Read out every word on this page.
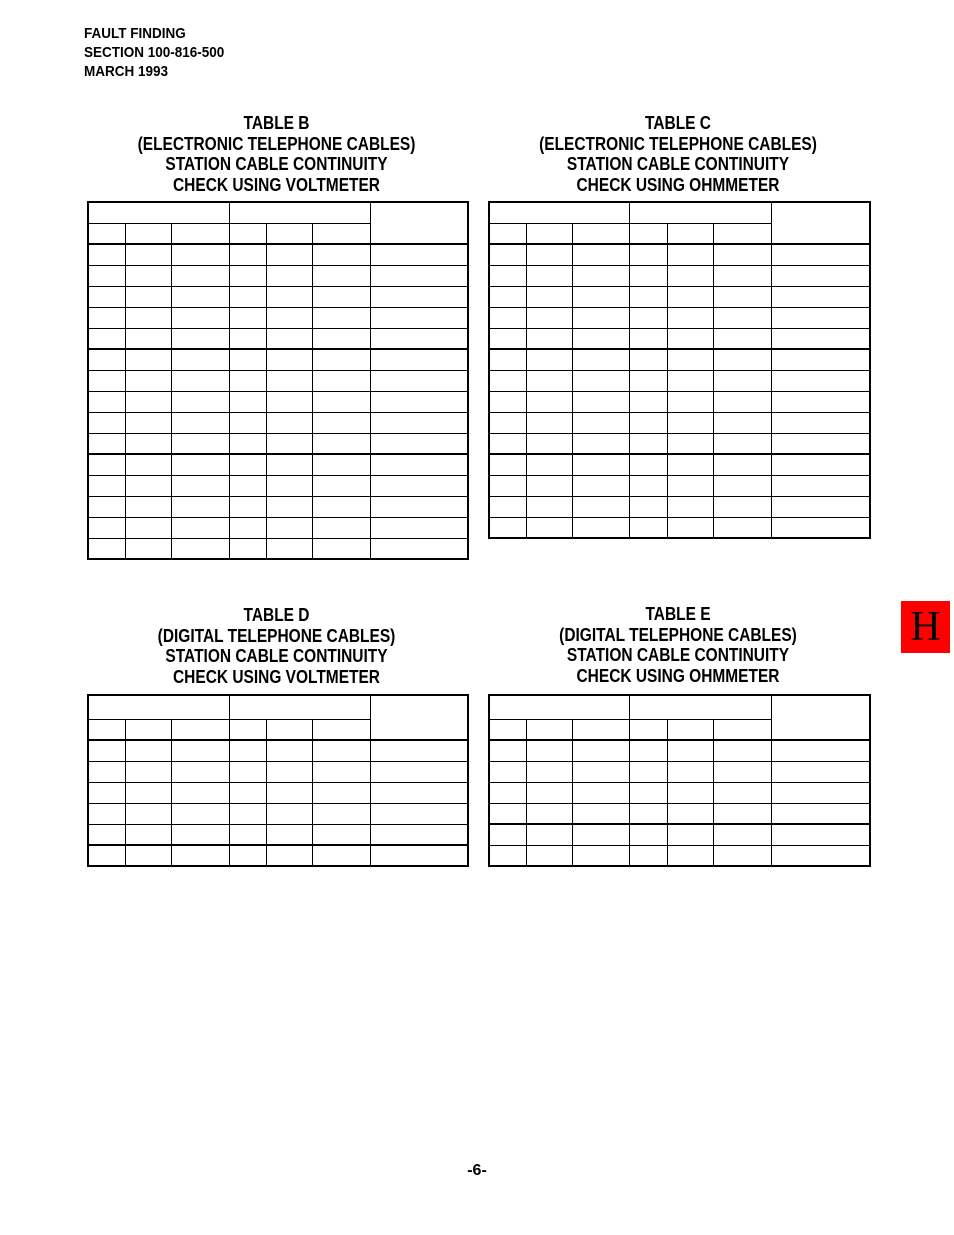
FAULT FINDING
SECTION 100-816-500
MARCH 1993
TABLE B
(ELECTRONIC TELEPHONE CABLES)
STATION CABLE CONTINUITY
CHECK USING VOLTMETER
TABLE C
(ELECTRONIC TELEPHONE CABLES)
STATION CABLE CONTINUITY
CHECK USING OHMMETER
TABLE D
(DIGITAL TELEPHONE CABLES)
STATION CABLE CONTINUITY
CHECK USING VOLTMETER
TABLE E
(DIGITAL TELEPHONE CABLES)
STATION CABLE CONTINUITY
CHECK USING OHMMETER

-6-
H
